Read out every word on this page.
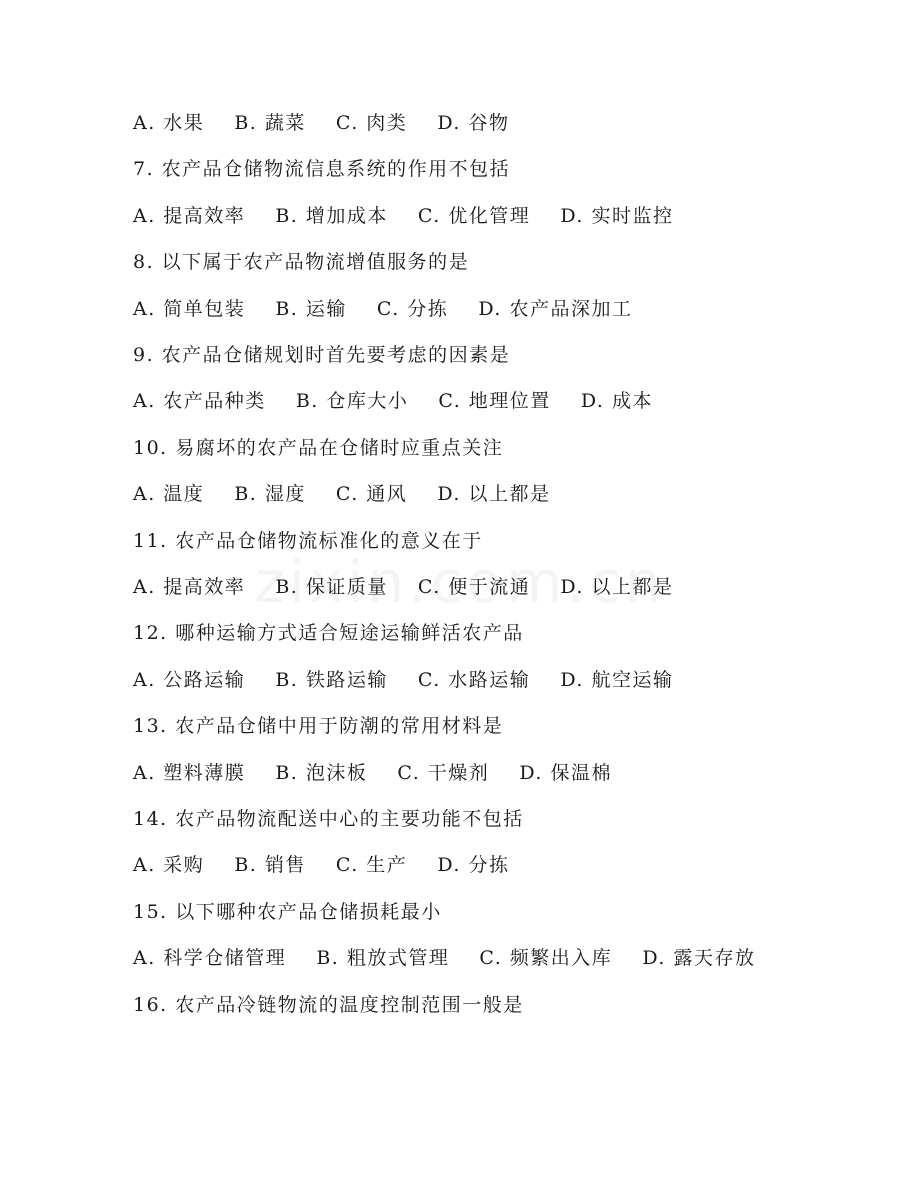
A. 水果 B. 蔬菜 C. 肉类 D. 谷物
7. 农产品仓储物流信息系统的作用不包括
A. 提高效率 B. 增加成本 C. 优化管理 D. 实时监控
8. 以下属于农产品物流增值服务的是
A. 简单包装 B. 运输 C. 分拣 D. 农产品深加工
9. 农产品仓储规划时首先要考虑的因素是
A. 农产品种类 B. 仓库大小 C. 地理位置 D. 成本
10. 易腐坏的农产品在仓储时应重点关注
A. 温度 B. 湿度 C. 通风 D. 以上都是
11. 农产品仓储物流标准化的意义在于
A. 提高效率 B. 保证质量 C. 便于流通 D. 以上都是
12. 哪种运输方式适合短途运输鲜活农产品
A. 公路运输 B. 铁路运输 C. 水路运输 D. 航空运输
13. 农产品仓储中用于防潮的常用材料是
A. 塑料薄膜 B. 泡沫板 C. 干燥剂 D. 保温棉
14. 农产品物流配送中心的主要功能不包括
A. 采购 B. 销售 C. 生产 D. 分拣
15. 以下哪种农产品仓储损耗最小
A. 科学仓储管理 B. 粗放式管理 C. 频繁出入库 D. 露天存放
16. 农产品冷链物流的温度控制范围一般是
